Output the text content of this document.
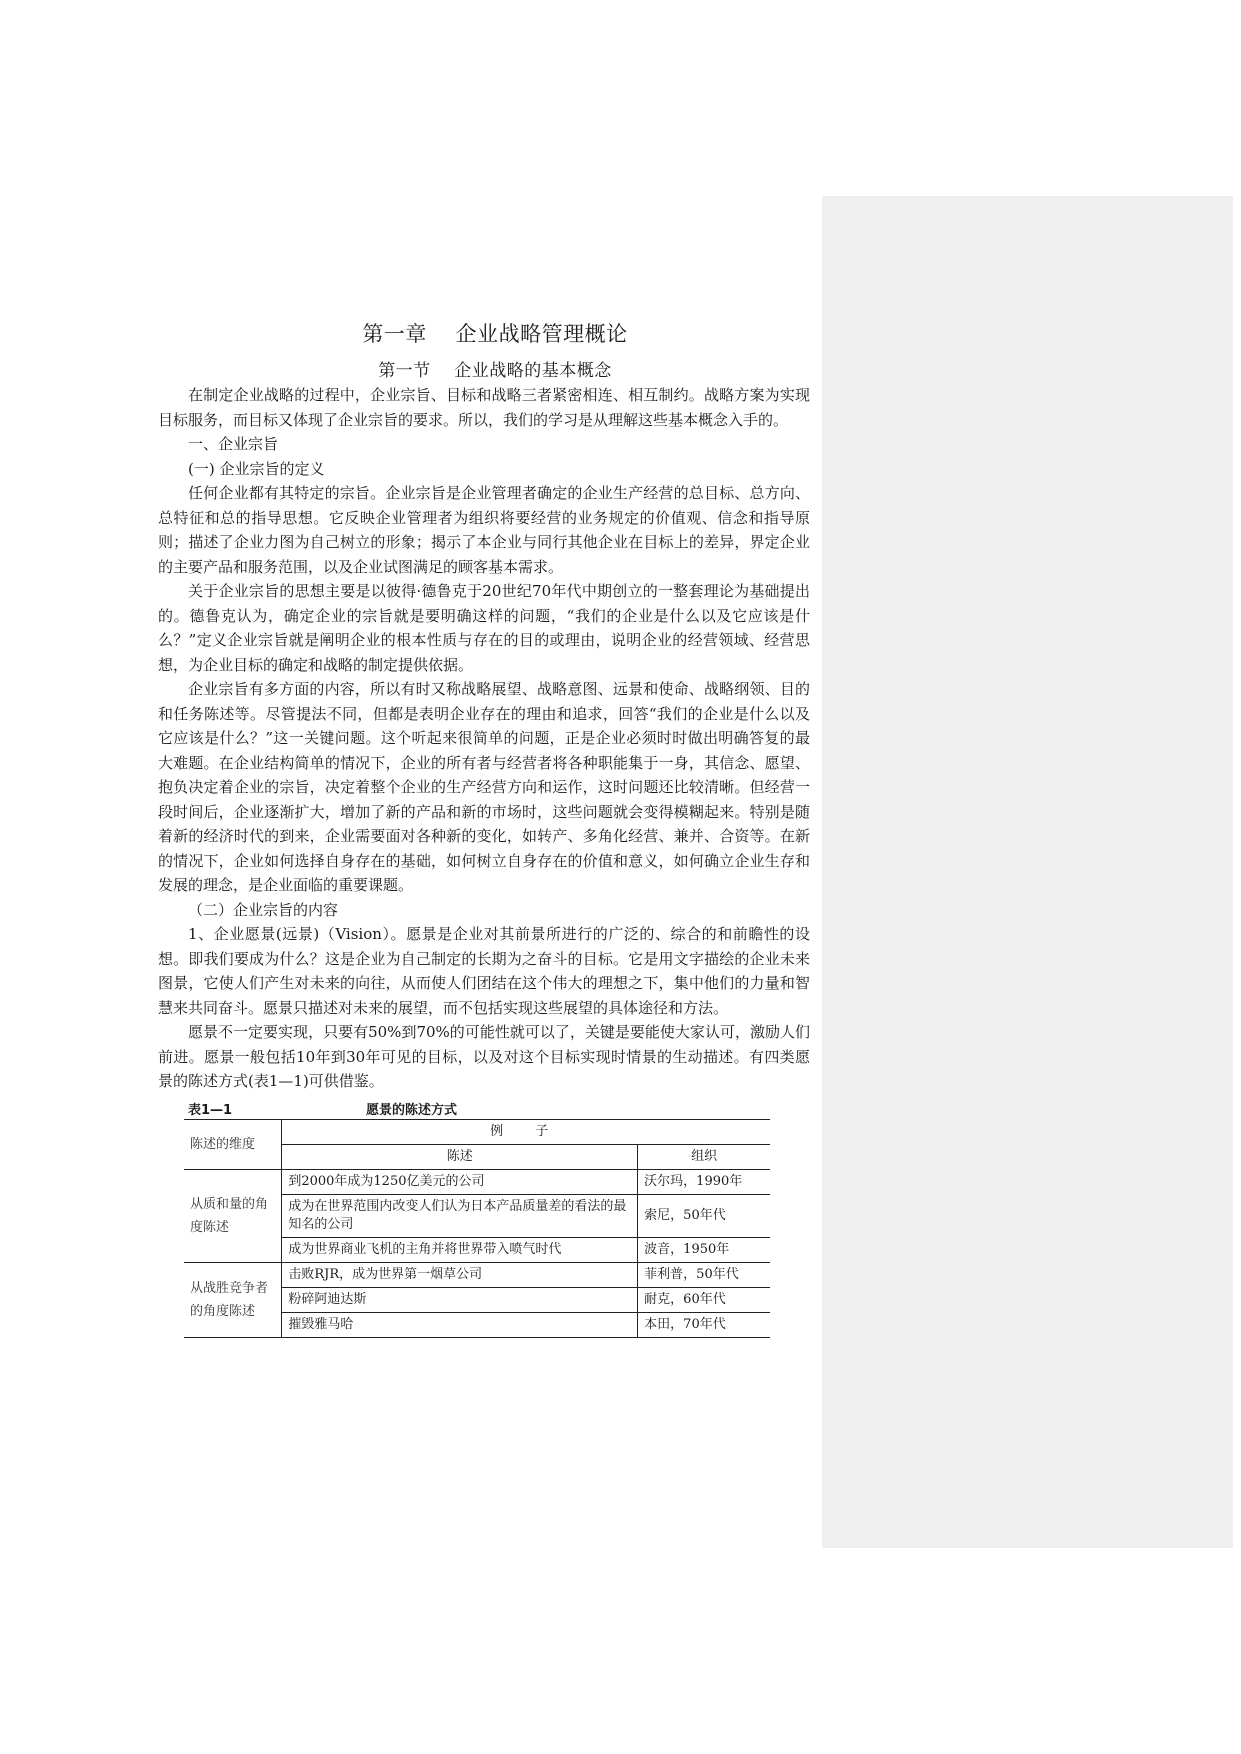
第一章    企业战略管理概论
第一节    企业战略的基本概念

在制定企业战略的过程中，企业宗旨、目标和战略三者紧密相连、相互制约。战略方案为实现目标服务，而目标又体现了企业宗旨的要求。所以，我们的学习是从理解这些基本概念入手的。

一、企业宗旨

(一) 企业宗旨的定义

任何企业都有其特定的宗旨。企业宗旨是企业管理者确定的企业生产经营的总目标、总方向、总特征和总的指导思想。它反映企业管理者为组织将要经营的业务规定的价值观、信念和指导原则；描述了企业力图为自己树立的形象；揭示了本企业与同行其他企业在目标上的差异，界定企业的主要产品和服务范围，以及企业试图满足的顾客基本需求。

关于企业宗旨的思想主要是以彼得·德鲁克于20世纪70年代中期创立的一整套理论为基础提出的。德鲁克认为，确定企业的宗旨就是要明确这样的问题，“我们的企业是什么以及它应该是什么？”定义企业宗旨就是阐明企业的根本性质与存在的目的或理由，说明企业的经营领域、经营思想，为企业目标的确定和战略的制定提供依据。

企业宗旨有多方面的内容，所以有时又称战略展望、战略意图、远景和使命、战略纲领、目的和任务陈述等。尽管提法不同，但都是表明企业存在的理由和追求，回答“我们的企业是什么以及它应该是什么？”这一关键问题。这个听起来很简单的问题，正是企业必须时时做出明确答复的最大难题。在企业结构简单的情况下，企业的所有者与经营者将各种职能集于一身，其信念、愿望、抱负决定着企业的宗旨，决定着整个企业的生产经营方向和运作，这时问题还比较清晰。但经营一段时间后，企业逐渐扩大，增加了新的产品和新的市场时，这些问题就会变得模糊起来。特别是随着新的经济时代的到来，企业需要面对各种新的变化，如转产、多角化经营、兼并、合资等。在新的情况下，企业如何选择自身存在的基础，如何树立自身存在的价值和意义，如何确立企业生存和发展的理念，是企业面临的重要课题。

（二）企业宗旨的内容

1、企业愿景(远景)（Vision）。愿景是企业对其前景所进行的广泛的、综合的和前瞻性的设想。即我们要成为什么？这是企业为自己制定的长期为之奋斗的目标。它是用文字描绘的企业未来图景，它使人们产生对未来的向往，从而使人们团结在这个伟大的理想之下，集中他们的力量和智慧来共同奋斗。愿景只描述对未来的展望，而不包括实现这些展望的具体途径和方法。

愿景不一定要实现，只要有50%到70%的可能性就可以了，关键是要能使大家认可，激励人们前进。愿景一般包括10年到30年可见的目标，以及对这个目标实现时情景的生动描述。有四类愿景的陈述方式(表1—1)可供借鉴。

表1—1	愿景的陈述方式
陈述的维度	例 子	
	陈述	组织
从质和量的角度陈述	到2000年成为1250亿美元的公司	沃尔玛，1990年
	成为在世界范围内改变人们认为日本产品质量差的看法的最知名的公司	索尼，50年代
	成为世界商业飞机的主角并将世界带入喷气时代	波音，1950年
从战胜竞争者的角度陈述	击败RJR，成为世界第一烟草公司	菲利普，50年代
	粉碎阿迪达斯	耐克，60年代
	摧毁雅马哈	本田，70年代
